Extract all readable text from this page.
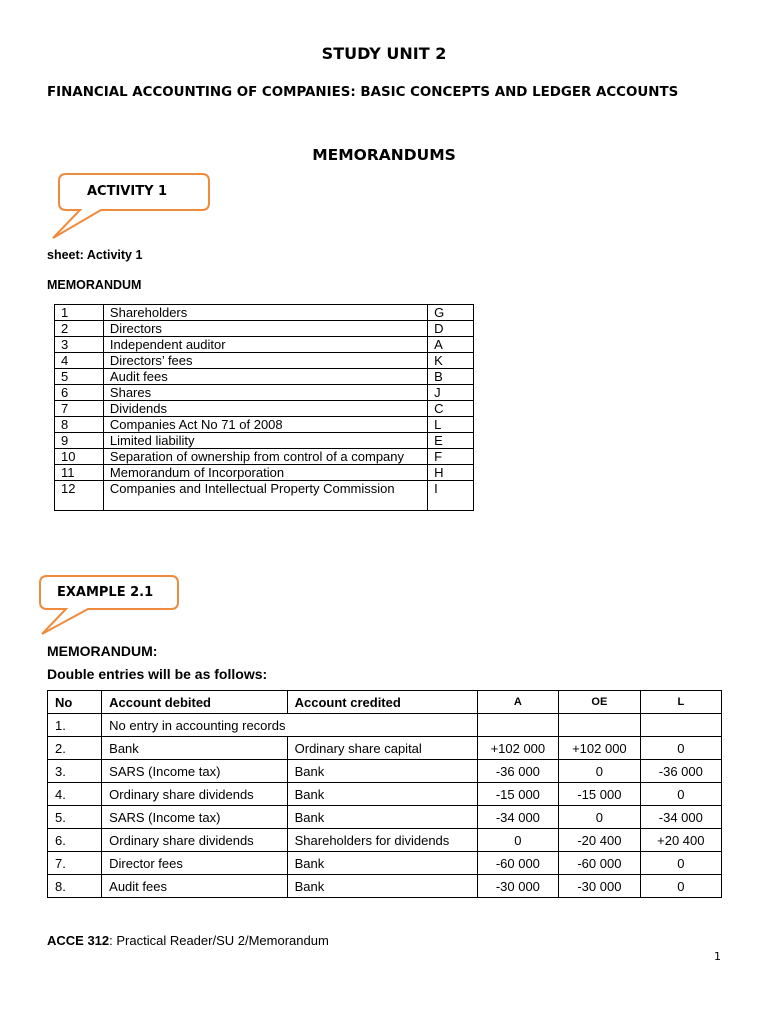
STUDY UNIT 2
FINANCIAL ACCOUNTING OF COMPANIES: BASIC CONCEPTS AND LEDGER ACCOUNTS
MEMORANDUMS
ACTIVITY 1
sheet: Activity 1
MEMORANDUM
1	Shareholders	G
2	Directors	D
3	Independent auditor	A
4	Directors’ fees	K
5	Audit fees	B
6	Shares	J
7	Dividends	C
8	Companies Act No 71 of 2008	L
9	Limited liability	E
10	Separation of ownership from control of a company	F
11	Memorandum of Incorporation	H
12	Companies and Intellectual Property Commission	I
EXAMPLE 2.1
MEMORANDUM:
Double entries will be as follows:
No	Account debited	Account credited	A	OE	L
1.	No entry in accounting records				
2.	Bank	Ordinary share capital	+102 000	+102 000	0
3.	SARS (Income tax)	Bank	-36 000	0	-36 000
4.	Ordinary share dividends	Bank	-15 000	-15 000	0
5.	SARS (Income tax)	Bank	-34 000	0	-34 000
6.	Ordinary share dividends	Shareholders for dividends	0	-20 400	+20 400
7.	Director fees	Bank	-60 000	-60 000	0
8.	Audit fees	Bank	-30 000	-30 000	0
ACCE 312: Practical Reader/SU 2/Memorandum
1
